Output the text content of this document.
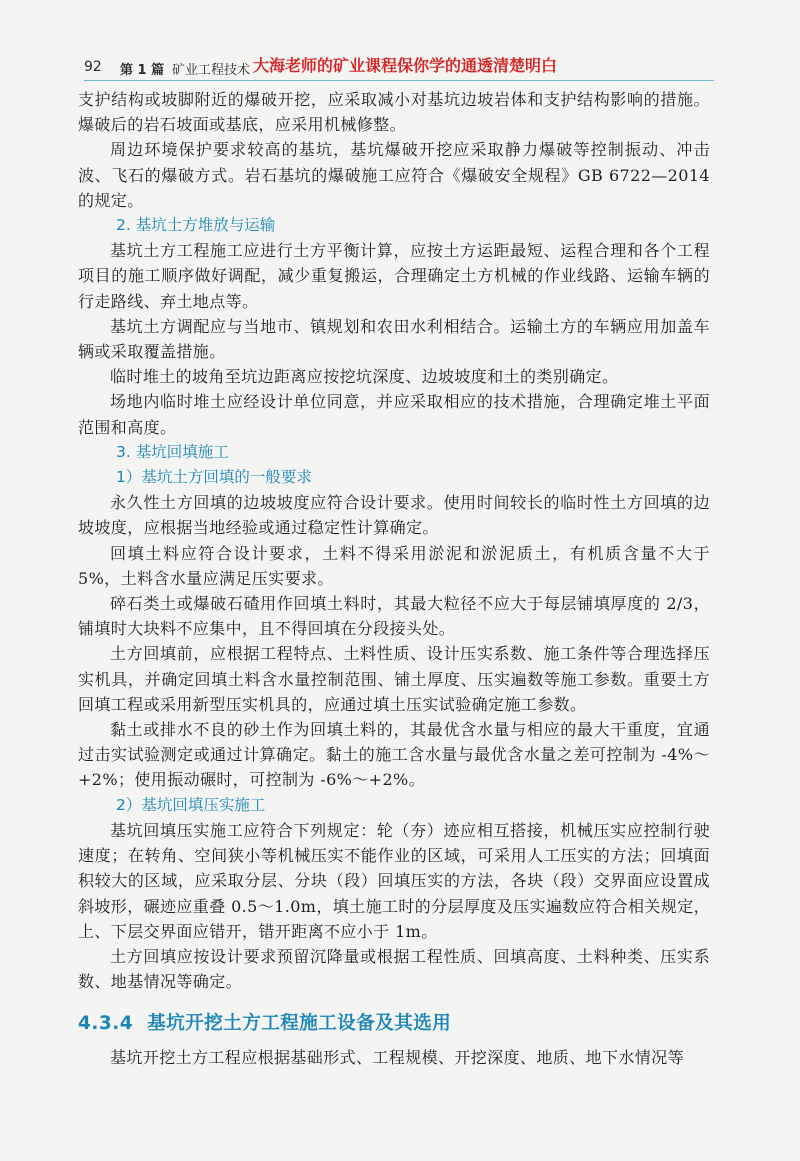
92 第 1 篇 矿业工程技术 大海老师的矿业课程保你学的通透清楚明白

支护结构或坡脚附近的爆破开挖，应采取减小对基坑边坡岩体和支护结构影响的措施。爆破后的岩石坡面或基底，应采用机械修整。

周边环境保护要求较高的基坑，基坑爆破开挖应采取静力爆破等控制振动、冲击波、飞石的爆破方式。岩石基坑的爆破施工应符合《爆破安全规程》GB 6722—2014 的规定。

2. 基坑土方堆放与运输

基坑土方工程施工应进行土方平衡计算，应按土方运距最短、运程合理和各个工程项目的施工顺序做好调配，减少重复搬运，合理确定土方机械的作业线路、运输车辆的行走路线、弃土地点等。

基坑土方调配应与当地市、镇规划和农田水利相结合。运输土方的车辆应用加盖车辆或采取覆盖措施。

临时堆土的坡角至坑边距离应按挖坑深度、边坡坡度和土的类别确定。

场地内临时堆土应经设计单位同意，并应采取相应的技术措施，合理确定堆土平面范围和高度。

3. 基坑回填施工
1）基坑土方回填的一般要求

永久性土方回填的边坡坡度应符合设计要求。使用时间较长的临时性土方回填的边坡坡度，应根据当地经验或通过稳定性计算确定。

回填土料应符合设计要求，土料不得采用淤泥和淤泥质土，有机质含量不大于5%，土料含水量应满足压实要求。

碎石类土或爆破石碴用作回填土料时，其最大粒径不应大于每层铺填厚度的 2/3，铺填时大块料不应集中，且不得回填在分段接头处。

土方回填前，应根据工程特点、土料性质、设计压实系数、施工条件等合理选择压实机具，并确定回填土料含水量控制范围、铺土厚度、压实遍数等施工参数。重要土方回填工程或采用新型压实机具的，应通过填土压实试验确定施工参数。

黏土或排水不良的砂土作为回填土料的，其最优含水量与相应的最大干重度，宜通过击实试验测定或通过计算确定。黏土的施工含水量与最优含水量之差可控制为 -4%～+2%；使用振动碾时，可控制为 -6%～+2%。

2）基坑回填压实施工

基坑回填压实施工应符合下列规定：轮（夯）迹应相互搭接，机械压实应控制行驶速度；在转角、空间狭小等机械压实不能作业的区域，可采用人工压实的方法；回填面积较大的区域，应采取分层、分块（段）回填压实的方法，各块（段）交界面应设置成斜坡形，碾迹应重叠 0.5～1.0m，填土施工时的分层厚度及压实遍数应符合相关规定，上、下层交界面应错开，错开距离不应小于 1m。

土方回填应按设计要求预留沉降量或根据工程性质、回填高度、土料种类、压实系数、地基情况等确定。

4.3.4 基坑开挖土方工程施工设备及其选用

基坑开挖土方工程应根据基础形式、工程规模、开挖深度、地质、地下水情况等
